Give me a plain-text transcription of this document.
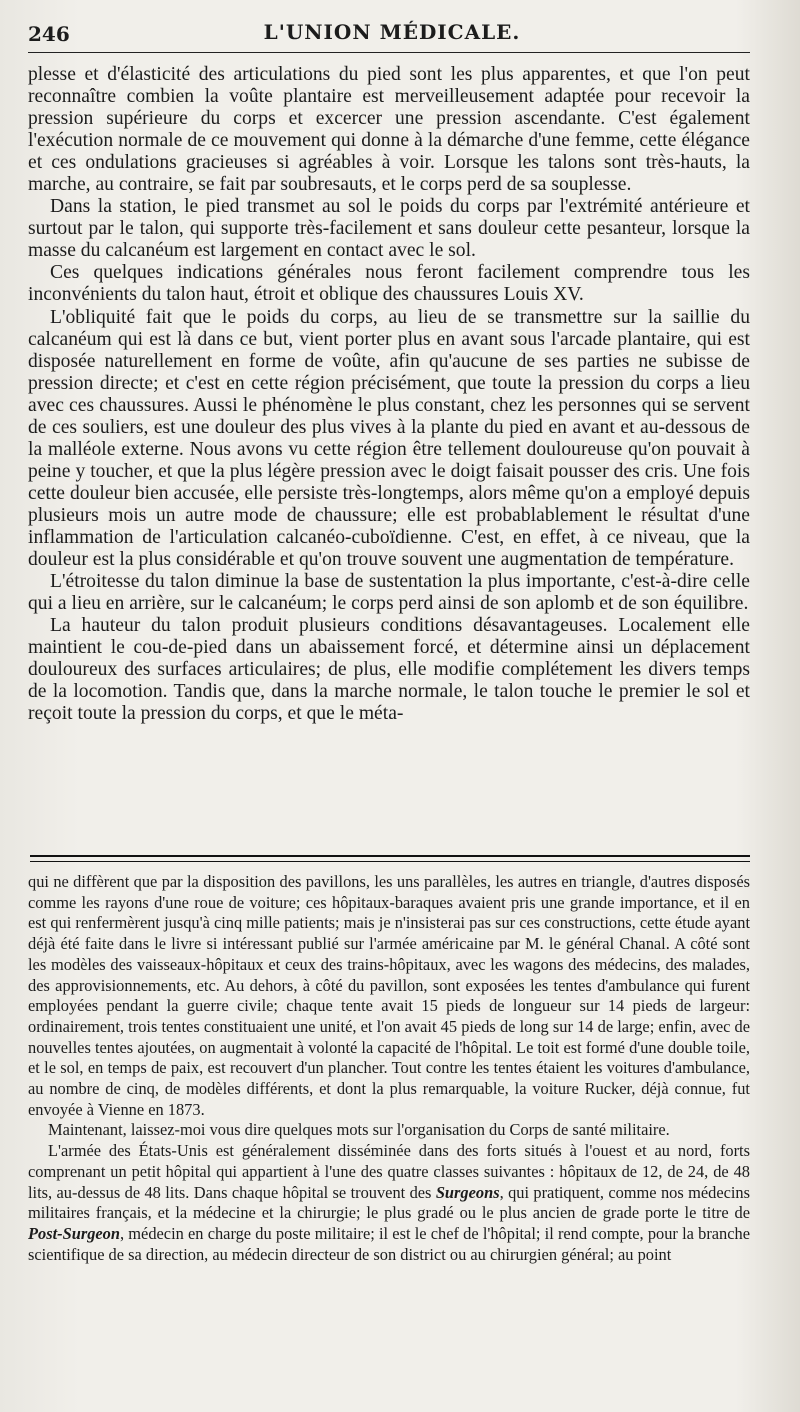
246	L'UNION MÉDICALE.

plesse et d'élasticité des articulations du pied sont les plus apparentes, et que l'on peut reconnaître combien la voûte plantaire est merveilleusement adaptée pour recevoir la pression supérieure du corps et excercer une pression ascendante. C'est également l'exécution normale de ce mouvement qui donne à la démarche d'une femme, cette élégance et ces ondulations gracieuses si agréables à voir. Lorsque les talons sont très-hauts, la marche, au contraire, se fait par soubresauts, et le corps perd de sa souplesse.

Dans la station, le pied transmet au sol le poids du corps par l'extrémité antérieure et surtout par le talon, qui supporte très-facilement et sans douleur cette pesanteur, lorsque la masse du calcanéum est largement en contact avec le sol.

Ces quelques indications générales nous feront facilement comprendre tous les inconvénients du talon haut, étroit et oblique des chaussures Louis XV.

L'obliquité fait que le poids du corps, au lieu de se transmettre sur la saillie du calcanéum qui est là dans ce but, vient porter plus en avant sous l'arcade plantaire, qui est disposée naturellement en forme de voûte, afin qu'aucune de ses parties ne subisse de pression directe; et c'est en cette région précisément, que toute la pression du corps a lieu avec ces chaussures. Aussi le phénomène le plus constant, chez les personnes qui se servent de ces souliers, est une douleur des plus vives à la plante du pied en avant et au-dessous de la malléole externe. Nous avons vu cette région être tellement douloureuse qu'on pouvait à peine y toucher, et que la plus légère pression avec le doigt faisait pousser des cris. Une fois cette douleur bien accusée, elle persiste très-longtemps, alors même qu'on a employé depuis plusieurs mois un autre mode de chaussure; elle est probablablement le résultat d'une inflammation de l'articulation calcanéo-cuboïdienne. C'est, en effet, à ce niveau, que la douleur est la plus considérable et qu'on trouve souvent une augmentation de température.

L'étroitesse du talon diminue la base de sustentation la plus importante, c'est-à-dire celle qui a lieu en arrière, sur le calcanéum; le corps perd ainsi de son aplomb et de son équilibre.

La hauteur du talon produit plusieurs conditions désavantageuses. Localement elle maintient le cou-de-pied dans un abaissement forcé, et détermine ainsi un déplacement douloureux des surfaces articulaires; de plus, elle modifie complétement les divers temps de la locomotion. Tandis que, dans la marche normale, le talon touche le premier le sol et reçoit toute la pression du corps, et que le méta-

qui ne diffèrent que par la disposition des pavillons, les uns parallèles, les autres en triangle, d'autres disposés comme les rayons d'une roue de voiture; ces hôpitaux-baraques avaient pris une grande importance, et il en est qui renfermèrent jusqu'à cinq mille patients; mais je n'insisterai pas sur ces constructions, cette étude ayant déjà été faite dans le livre si intéressant publié sur l'armée américaine par M. le général Chanal. A côté sont les modèles des vaisseaux-hôpitaux et ceux des trains-hôpitaux, avec les wagons des médecins, des malades, des approvisionnements, etc. Au dehors, à côté du pavillon, sont exposées les tentes d'ambulance qui furent employées pendant la guerre civile; chaque tente avait 15 pieds de longueur sur 14 pieds de largeur: ordinairement, trois tentes constituaient une unité, et l'on avait 45 pieds de long sur 14 de large; enfin, avec de nouvelles tentes ajoutées, on augmentait à volonté la capacité de l'hôpital. Le toit est formé d'une double toile, et le sol, en temps de paix, est recouvert d'un plancher. Tout contre les tentes étaient les voitures d'ambulance, au nombre de cinq, de modèles différents, et dont la plus remarquable, la voiture Rucker, déjà connue, fut envoyée à Vienne en 1873.

Maintenant, laissez-moi vous dire quelques mots sur l'organisation du Corps de santé militaire.

L'armée des États-Unis est généralement disséminée dans des forts situés à l'ouest et au nord, forts comprenant un petit hôpital qui appartient à l'une des quatre classes suivantes : hôpitaux de 12, de 24, de 48 lits, au-dessus de 48 lits. Dans chaque hôpital se trouvent des Surgeons, qui pratiquent, comme nos médecins militaires français, et la médecine et la chirurgie; le plus gradé ou le plus ancien de grade porte le titre de Post-Surgeon, médecin en charge du poste militaire; il est le chef de l'hôpital; il rend compte, pour la branche scientifique de sa direction, au médecin directeur de son district ou au chirurgien général; au point
